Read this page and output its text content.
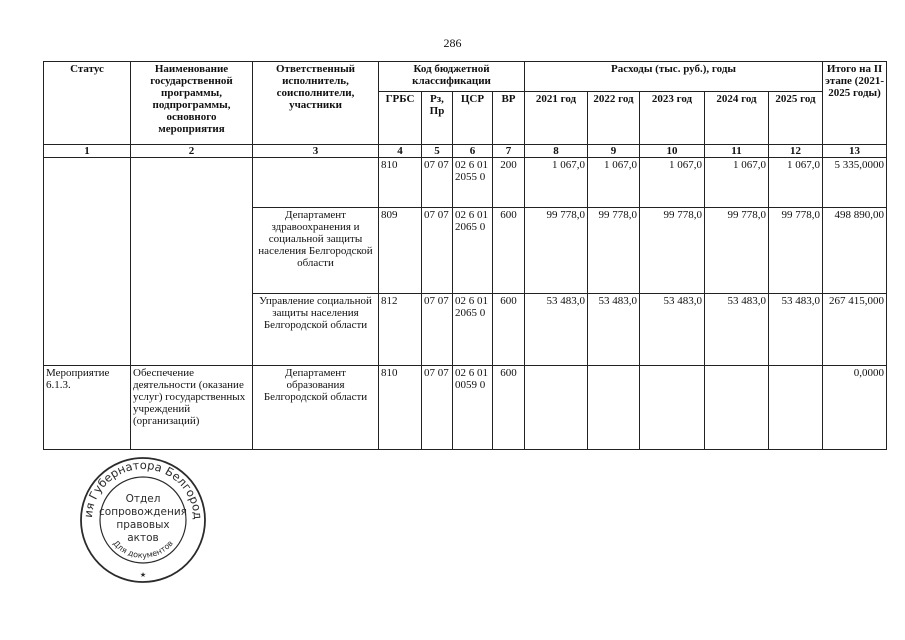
286
Статус	Наименование государственной программы, подпрограммы, основного мероприятия	Ответственный исполнитель, соисполнители, участники	Код бюджетной классификации				Расходы (тыс. руб.), годы					Итого на II этапе (2021-2025 годы)
			ГРБС	Рз, Пр	ЦСР	ВР	2021 год	2022 год	2023 год	2024 год	2025 год	
1	2	3	4	5	6	7	8	9	10	11	12	13
			810	07 07	02 6 01 2055 0	200	1 067,0	1 067,0	1 067,0	1 067,0	1 067,0	5 335,0000
		Департамент здравоохранения и социальной защиты населения Белгородской области	809	07 07	02 6 01 2065 0	600	99 778,0	99 778,0	99 778,0	99 778,0	99 778,0	498 890,00
		Управление социальной защиты населения Белгородской области	812	07 07	02 6 01 2065 0	600	53 483,0	53 483,0	53 483,0	53 483,0	53 483,0	267 415,000
Мероприятие 6.1.3.	Обеспечение деятельности (оказание услуг) государственных учреждений (организаций)	Департамент образования Белгородской области	810	07 07	02 6 01 0059 0	600						0,0000
ия Губернатора Белгород
Для документов
Отдел
сопровождения
правовых
актов
★
